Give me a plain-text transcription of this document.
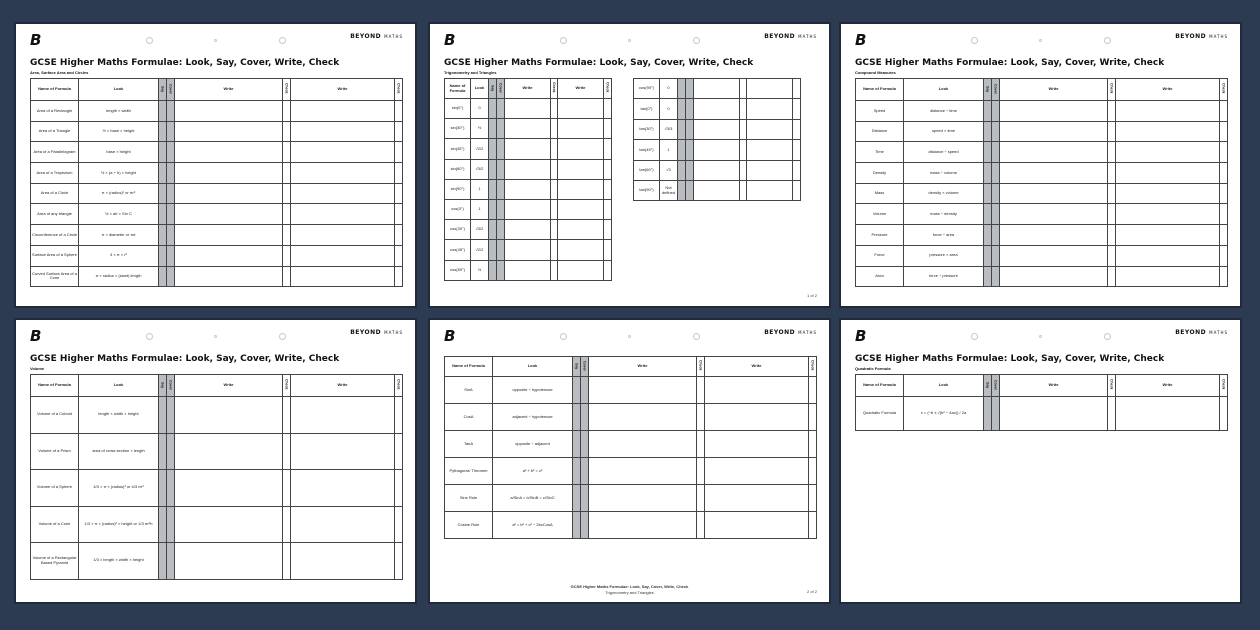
B	BEYOND MATHS
GCSE Higher Maths Formulae: Look, Say, Cover, Write, Check
Area, Surface Area and Circles
Name of Formula	Look	Say	Cover	Write	Check	Write	Check
Area of a Rectangle	length × width						
Area of a Triangle	½ × base × height						
Area of a Parallelogram	base × height						
Area of a Trapezium	½ × (a + b) × height						
Area of a Circle	π × (radius)² or πr²						
Area of any triangle	½ × ab × Sin C						
Circumference of a Circle	π × diameter or πd						
Surface Area of a Sphere	4 × π × r²						
Curved Surface Area of a Cone	π × radius × (slant) length						
B	BEYOND MATHS
GCSE Higher Maths Formulae: Look, Say, Cover, Write, Check
Trigonometry and Triangles
Name of Formula	Look	Say	Cover	Write	Check	Write	Check
sin(0°)	0						
sin(30°)	½						
sin(45°)	√2/2						
sin(60°)	√3/2						
sin(90°)	1						
cos(0°)	1						
cos(30°)	√3/2						
cos(45°)	√2/2						
cos(60°)	½						
cos(90°)	0						
tan(0°)	0						
tan(30°)	√3/3						
tan(45°)	1						
tan(60°)	√3						
tan(90°)	Not defined						
1 of 2
B	BEYOND MATHS
GCSE Higher Maths Formulae: Look, Say, Cover, Write, Check
Compound Measures
Name of Formula	Look	Say	Cover	Write	Check	Write	Check
Speed	distance ÷ time						
Distance	speed × time						
Time	distance ÷ speed						
Density	mass ÷ volume						
Mass	density × volume						
Volume	mass ÷ density						
Pressure	force ÷ area						
Force	pressure × area						
Area	force ÷ pressure						
B	BEYOND MATHS
GCSE Higher Maths Formulae: Look, Say, Cover, Write, Check
Volume
Name of Formula	Look	Say	Cover	Write	Check	Write	Check
Volume of a Cuboid	length × width × height						
Volume of a Prism	area of cross section × length						
Volume of a Sphere	4/3 × π × (radius)³ or 4/3 πr³						
Volume of a Cone	1/3 × π × (radius)² × height or 1/3 πr²h						
Volume of a Rectangular Based Pyramid	1/3 × length × width × height						
B	BEYOND MATHS
Name of Formula	Look	Say	Cover	Write	Check	Write	Check
SinA	opposite ÷ hypotenuse						
CosA	adjacent ÷ hypotenuse						
TanA	opposite ÷ adjacent						
Pythagoras' Theorem	a² + b² = c²						
Sine Rule	a/SinA = b/SinB = c/SinC						
Cosine Rule	a² = b² + c² − 2bcCosA						
GCSE Higher Maths Formulae: Look, Say, Cover, Write, Check
Trigonometry and Triangles	2 of 2
B	BEYOND MATHS
GCSE Higher Maths Formulae: Look, Say, Cover, Write, Check
Quadratic Formula
Name of Formula	Look	Say	Cover	Write	Check	Write	Check
Quadratic Formula	x = (−b ± √(b² − 4ac)) / 2a						
